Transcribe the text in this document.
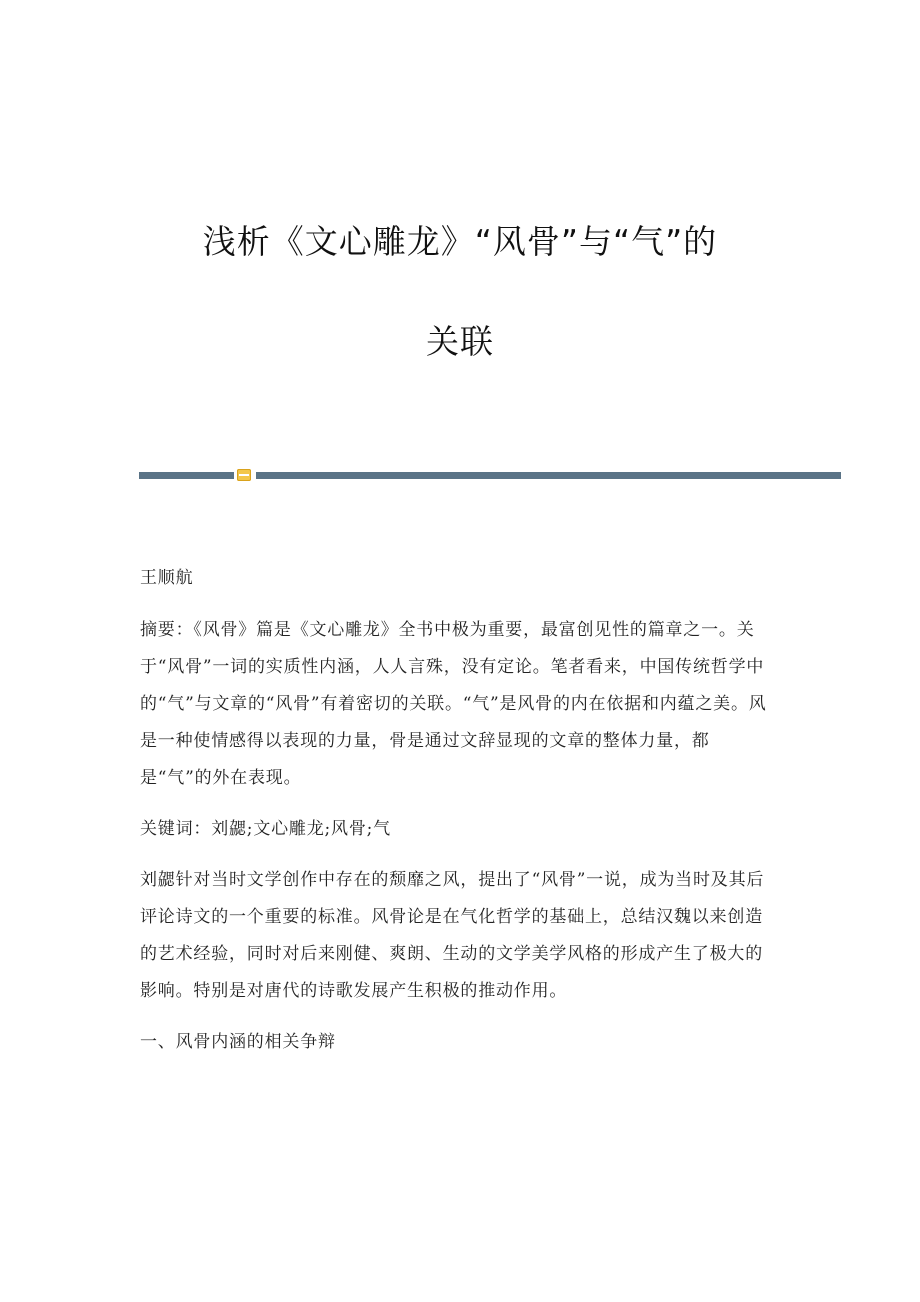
浅析《文心雕龙》“风骨”与“气”的
关联

王顺航

摘要：《风骨》篇是《文心雕龙》全书中极为重要，最富创见性的篇章之一。关于“风骨”一词的实质性内涵，人人言殊，没有定论。笔者看来，中国传统哲学中的“气”与文章的“风骨”有着密切的关联。“气”是风骨的内在依据和内蕴之美。风是一种使情感得以表现的力量，骨是通过文辞显现的文章的整体力量，都是“气”的外在表现。

关键词：刘勰;文心雕龙;风骨;气

刘勰针对当时文学创作中存在的颓靡之风，提出了“风骨”一说，成为当时及其后评论诗文的一个重要的标准。风骨论是在气化哲学的基础上，总结汉魏以来创造的艺术经验，同时对后来刚健、爽朗、生动的文学美学风格的形成产生了极大的影响。特别是对唐代的诗歌发展产生积极的推动作用。

一、风骨内涵的相关争辩
